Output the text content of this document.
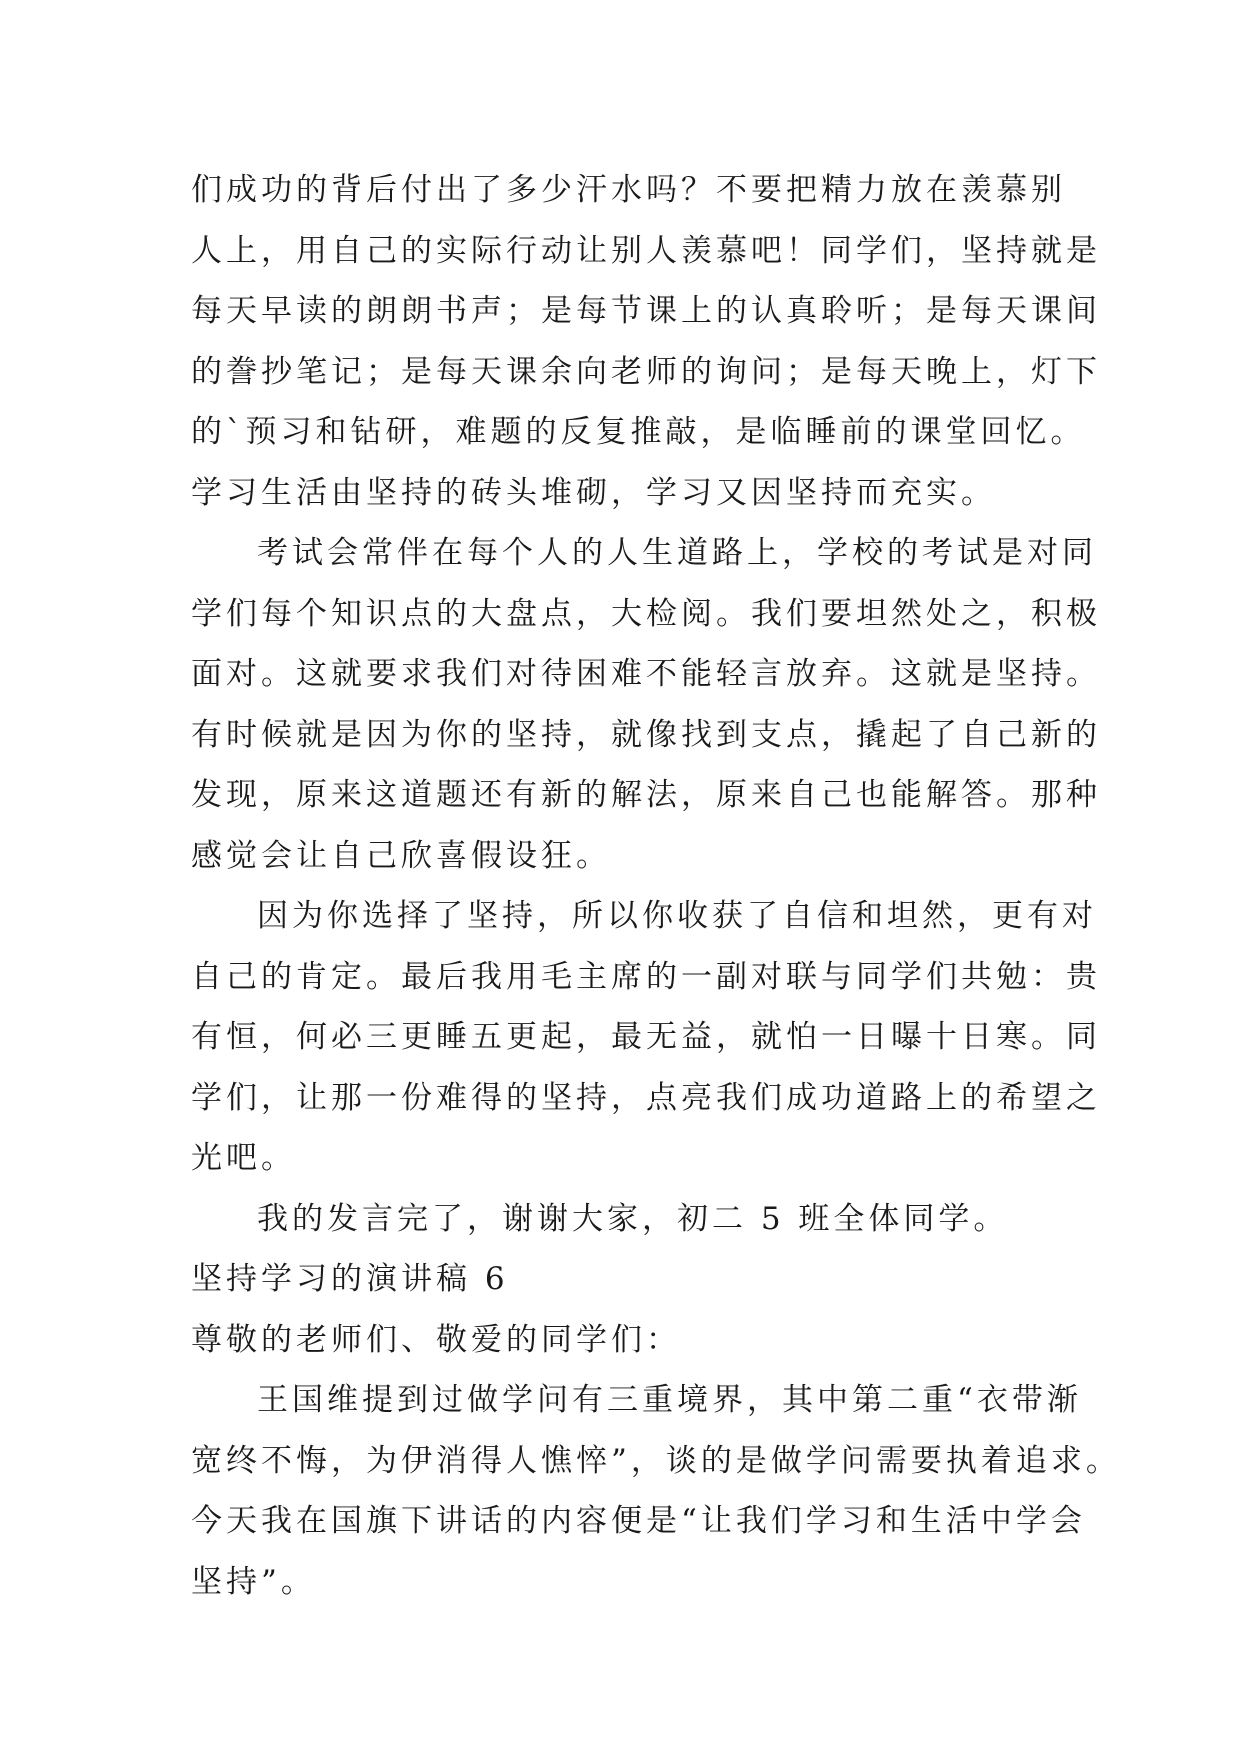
们成功的背后付出了多少汗水吗？不要把精力放在羡慕别
人上，用自己的实际行动让别人羡慕吧！同学们，坚持就是
每天早读的朗朗书声；是每节课上的认真聆听；是每天课间
的誊抄笔记；是每天课余向老师的询问；是每天晚上，灯下
的`预习和钻研，难题的反复推敲，是临睡前的课堂回忆。
学习生活由坚持的砖头堆砌，学习又因坚持而充实。
考试会常伴在每个人的人生道路上，学校的考试是对同
学们每个知识点的大盘点，大检阅。我们要坦然处之，积极
面对。这就要求我们对待困难不能轻言放弃。这就是坚持。
有时候就是因为你的坚持，就像找到支点，撬起了自己新的
发现，原来这道题还有新的解法，原来自己也能解答。那种
感觉会让自己欣喜假设狂。
因为你选择了坚持，所以你收获了自信和坦然，更有对
自己的肯定。最后我用毛主席的一副对联与同学们共勉：贵
有恒，何必三更睡五更起，最无益，就怕一日曝十日寒。同
学们，让那一份难得的坚持，点亮我们成功道路上的希望之
光吧。
我的发言完了，谢谢大家，初二 5 班全体同学。
坚持学习的演讲稿 6
尊敬的老师们、敬爱的同学们：
王国维提到过做学问有三重境界，其中第二重“衣带渐
宽终不悔，为伊消得人憔悴”，谈的是做学问需要执着追求。
今天我在国旗下讲话的内容便是“让我们学习和生活中学会
坚持”。
